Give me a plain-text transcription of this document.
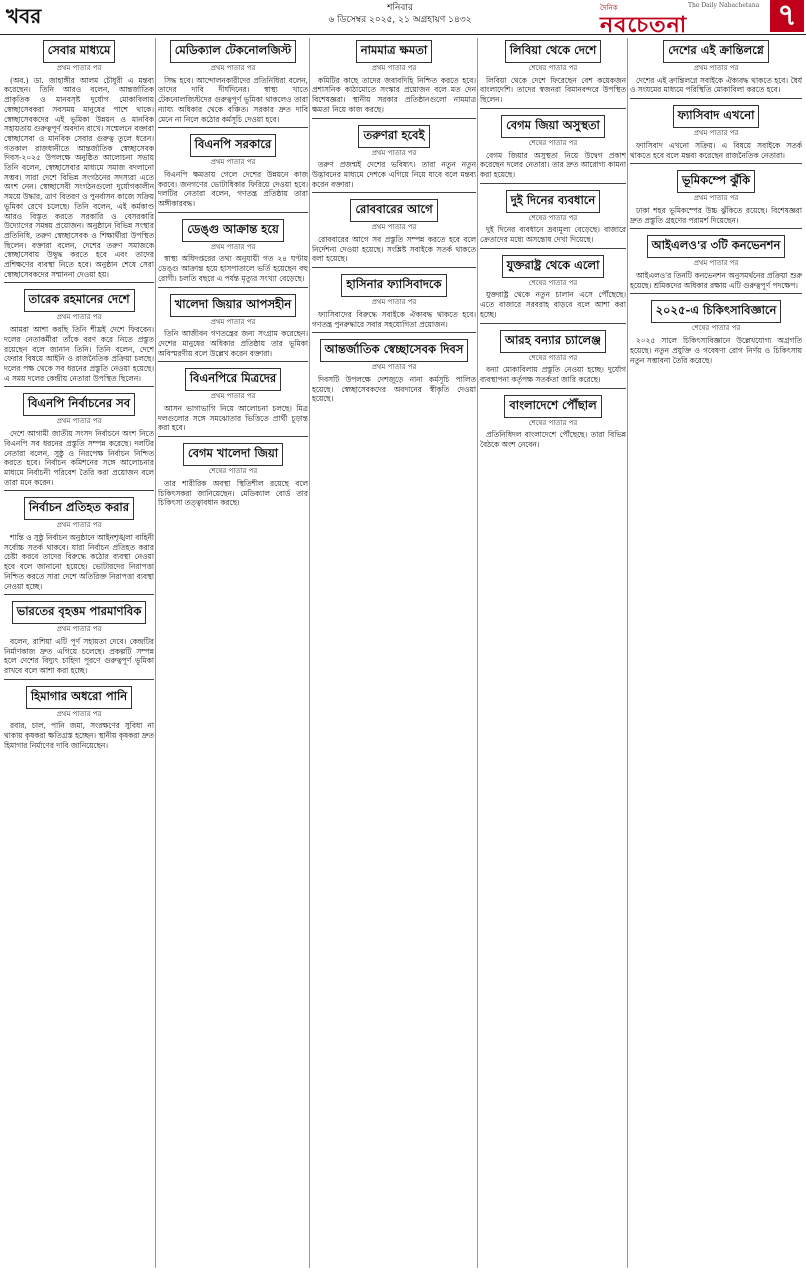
খবর	শনিবার
৬ ডিসেম্বর ২০২৫, ২১ অগ্রহায়ণ ১৪৩২
দৈনিক	The Daily Nabachetana
নবচেতনা	৭
সেবার মাধ্যমে
প্রথম পাতার পর
(অব.) ডা. জাহাঙ্গীর আলম চৌধুরী এ মন্তব্য করেছেন। তিনি আরও বলেন, আন্তর্জাতিক প্রাকৃতিক ও মানবসৃষ্ট দুর্যোগ মোকাবিলায় স্বেচ্ছাসেবকরা সবসময় মানুষের পাশে থাকে। স্বেচ্ছাসেবকদের এই ভূমিকা উন্নয়ন ও মানবিক সহায়তায় গুরুত্বপূর্ণ অবদান রাখে। সম্মেলনে বক্তারা স্বেচ্ছাসেবা ও মানবিক সেবার গুরুত্ব তুলে ধরেন। গতকাল রাজধানীতে আন্তর্জাতিক স্বেচ্ছাসেবক দিবস-২০২৫ উপলক্ষে অনুষ্ঠিত আলোচনা সভায় তিনি বলেন, স্বেচ্ছাসেবার মাধ্যমে সমাজ বদলানো সম্ভব। সারা দেশে বিভিন্ন সংগঠনের সদস্যরা এতে অংশ নেন। স্বেচ্ছাসেবী সংগঠনগুলো দুর্যোগকালীন সময়ে উদ্ধার, ত্রাণ বিতরণ ও পুনর্বাসন কাজে সক্রিয় ভূমিকা রেখে চলেছে। তিনি বলেন, এই কর্মকাণ্ড আরও বিস্তৃত করতে সরকারি ও বেসরকারি উদ্যোগের সমন্বয় প্রয়োজন। অনুষ্ঠানে বিভিন্ন সংস্থার প্রতিনিধি, তরুণ স্বেচ্ছাসেবক ও শিক্ষার্থীরা উপস্থিত ছিলেন। বক্তারা বলেন, দেশের তরুণ সমাজকে স্বেচ্ছাসেবায় উদ্বুদ্ধ করতে হবে এবং তাদের প্রশিক্ষণের ব্যবস্থা নিতে হবে। অনুষ্ঠান শেষে সেরা স্বেচ্ছাসেবকদের সম্মাননা দেওয়া হয়।
তারেক রহমানের দেশে
প্রথম পাতার পর
আমরা আশা করছি তিনি শীঘ্রই দেশে ফিরবেন। দলের নেতাকর্মীরা তাঁকে বরণ করে নিতে প্রস্তুত রয়েছেন বলে জানান তিনি। তিনি বলেন, দেশে ফেরার বিষয়ে আইনি ও রাজনৈতিক প্রক্রিয়া চলছে। দলের পক্ষ থেকে সব ধরনের প্রস্তুতি নেওয়া হয়েছে। এ সময় দলের কেন্দ্রীয় নেতারা উপস্থিত ছিলেন।
বিএনপি নির্বাচনের সব
প্রথম পাতার পর
দেশে আগামী জাতীয় সংসদ নির্বাচনে অংশ নিতে বিএনপি সব ধরনের প্রস্তুতি সম্পন্ন করেছে। দলটির নেতারা বলেন, সুষ্ঠু ও নিরপেক্ষ নির্বাচন নিশ্চিত করতে হবে। নির্বাচন কমিশনের সঙ্গে আলোচনার মাধ্যমে নির্বাচনী পরিবেশ তৈরি করা প্রয়োজন বলে তারা মনে করেন।
নির্বাচন প্রতিহত করার
প্রথম পাতার পর
শান্তি ও সুষ্ঠু নির্বাচন অনুষ্ঠানে আইনশৃঙ্খলা বাহিনী সর্বোচ্চ সতর্ক থাকবে। যারা নির্বাচন প্রতিহত করার চেষ্টা করবে তাদের বিরুদ্ধে কঠোর ব্যবস্থা নেওয়া হবে বলে জানানো হয়েছে। ভোটারদের নিরাপত্তা নিশ্চিত করতে সারা দেশে অতিরিক্ত নিরাপত্তা ব্যবস্থা নেওয়া হচ্ছে।
ভারতের বৃহত্তম পারমাণবিক
প্রথম পাতার পর
বলেন, রাশিয়া এটি পূর্ণ সহায়তা দেবে। কেন্দ্রটির নির্মাণকাজ দ্রুত এগিয়ে চলেছে। প্রকল্পটি সম্পন্ন হলে দেশের বিদ্যুৎ চাহিদা পূরণে গুরুত্বপূর্ণ ভূমিকা রাখবে বলে আশা করা হচ্ছে।
হিমাগার অধরো পানি
প্রথম পাতার পর
রবার, চাল, পানি জমা, সংরক্ষণের সুবিধা না থাকায় কৃষকরা ক্ষতিগ্রস্ত হচ্ছেন। স্থানীয় কৃষকরা দ্রুত হিমাগার নির্মাণের দাবি জানিয়েছেন।
মেডিক্যাল টেকনোলজিস্ট
প্রথম পাতার পর
সিদ্ধ হবে। আন্দোলনকারীদের প্রতিনিধিরা বলেন, তাদের দাবি দীর্ঘদিনের। স্বাস্থ্য খাতে টেকনোলজিস্টদের গুরুত্বপূর্ণ ভূমিকা থাকলেও তারা ন্যায্য অধিকার থেকে বঞ্চিত। সরকার দ্রুত দাবি মেনে না নিলে কঠোর কর্মসূচি দেওয়া হবে।
বিএনপি সরকারে
প্রথম পাতার পর
বিএনপি ক্ষমতায় গেলে দেশের উন্নয়নে কাজ করবে। জনগণের ভোটাধিকার ফিরিয়ে দেওয়া হবে। দলটির নেতারা বলেন, গণতন্ত্র প্রতিষ্ঠায় তারা অঙ্গীকারবদ্ধ।
ডেঙ্গু আক্রান্ত হয়ে
প্রথম পাতার পর
স্বাস্থ্য অধিদপ্তরের তথ্য অনুযায়ী গত ২৪ ঘণ্টায় ডেঙ্গু আক্রান্ত হয়ে হাসপাতালে ভর্তি হয়েছেন বহু রোগী। চলতি বছরে এ পর্যন্ত মৃত্যুর সংখ্যা বেড়েছে।
খালেদা জিয়ার আপসহীন
প্রথম পাতার পর
তিনি আজীবন গণতন্ত্রের জন্য সংগ্রাম করেছেন। দেশের মানুষের অধিকার প্রতিষ্ঠায় তার ভূমিকা অবিস্মরণীয় বলে উল্লেখ করেন বক্তারা।
বিএনপিরে মিত্রদের
প্রথম পাতার পর
আসন ভাগাভাগি নিয়ে আলোচনা চলছে। মিত্র দলগুলোর সঙ্গে সমঝোতার ভিত্তিতে প্রার্থী চূড়ান্ত করা হবে।
বেগম খালেদা জিয়া
শেষের পাতার পর
তার শারীরিক অবস্থা স্থিতিশীল রয়েছে বলে চিকিৎসকরা জানিয়েছেন। মেডিক্যাল বোর্ড তার চিকিৎসা তত্ত্বাবধান করছে।
নামমাত্র ক্ষমতা
প্রথম পাতার পর
কমিটির কাছে তাদের জবাবদিহি নিশ্চিত করতে হবে। প্রশাসনিক কাঠামোতে সংস্কার প্রয়োজন বলে মত দেন বিশেষজ্ঞরা। স্থানীয় সরকার প্রতিষ্ঠানগুলো নামমাত্র ক্ষমতা নিয়ে কাজ করছে।
তরুণরা হবেই
প্রথম পাতার পর
তরুণ প্রজন্মই দেশের ভবিষ্যৎ। তারা নতুন নতুন উদ্ভাবনের মাধ্যমে দেশকে এগিয়ে নিয়ে যাবে বলে মন্তব্য করেন বক্তারা।
রোববারের আগে
প্রথম পাতার পর
রোববারের আগে সব প্রস্তুতি সম্পন্ন করতে হবে বলে নির্দেশনা দেওয়া হয়েছে। সংশ্লিষ্ট সবাইকে সতর্ক থাকতে বলা হয়েছে।
হাসিনার ফ্যাসিবাদকে
প্রথম পাতার পর
ফ্যাসিবাদের বিরুদ্ধে সবাইকে ঐক্যবদ্ধ থাকতে হবে। গণতন্ত্র পুনরুদ্ধারে সবার সহযোগিতা প্রয়োজন।
আন্তর্জাতিক স্বেচ্ছাসেবক দিবস
প্রথম পাতার পর
দিবসটি উপলক্ষে দেশজুড়ে নানা কর্মসূচি পালিত হয়েছে। স্বেচ্ছাসেবকদের অবদানের স্বীকৃতি দেওয়া হয়েছে।
লিবিয়া থেকে দেশে
শেষের পাতার পর
লিবিয়া থেকে দেশে ফিরেছেন বেশ কয়েকজন বাংলাদেশি। তাদের স্বজনরা বিমানবন্দরে উপস্থিত ছিলেন।
বেগম জিয়া অসুস্থতা
শেষের পাতার পর
বেগম জিয়ার অসুস্থতা নিয়ে উদ্বেগ প্রকাশ করেছেন দলের নেতারা। তার দ্রুত আরোগ্য কামনা করা হয়েছে।
দুই দিনের ব্যবধানে
শেষের পাতার পর
দুই দিনের ব্যবধানে দ্রব্যমূল্য বেড়েছে। বাজারে ক্রেতাদের মধ্যে অসন্তোষ দেখা দিয়েছে।
যুক্তরাষ্ট্র থেকে এলো
শেষের পাতার পর
যুক্তরাষ্ট্র থেকে নতুন চালান এসে পৌঁছেছে। এতে বাজারে সরবরাহ বাড়বে বলে আশা করা হচ্ছে।
আরহ বন্যার চ্যালেঞ্জ
শেষের পাতার পর
বন্যা মোকাবিলায় প্রস্তুতি নেওয়া হচ্ছে। দুর্যোগ ব্যবস্থাপনা কর্তৃপক্ষ সতর্কতা জারি করেছে।
বাংলাদেশে পৌঁছাল
শেষের পাতার পর
প্রতিনিধিদল বাংলাদেশে পৌঁছেছে। তারা বিভিন্ন বৈঠকে অংশ নেবেন।
দেশের এই ক্রান্তিলগ্নে
প্রথম পাতার পর
দেশের এই ক্রান্তিলগ্নে সবাইকে ঐক্যবদ্ধ থাকতে হবে। ধৈর্য ও সংযমের মাধ্যমে পরিস্থিতি মোকাবিলা করতে হবে।
ফ্যাসিবাদ এখনো
প্রথম পাতার পর
ফ্যাসিবাদ এখনো সক্রিয়। এ বিষয়ে সবাইকে সতর্ক থাকতে হবে বলে মন্তব্য করেছেন রাজনৈতিক নেতারা।
ভূমিকম্পে ঝুঁকি
প্রথম পাতার পর
ঢাকা শহর ভূমিকম্পের উচ্চ ঝুঁকিতে রয়েছে। বিশেষজ্ঞরা দ্রুত প্রস্তুতি গ্রহণের পরামর্শ দিয়েছেন।
আইএলও'র ৩টি কনভেনশন
প্রথম পাতার পর
আইএলও'র তিনটি কনভেনশন অনুসমর্থনের প্রক্রিয়া শুরু হয়েছে। শ্রমিকদের অধিকার রক্ষায় এটি গুরুত্বপূর্ণ পদক্ষেপ।
২০২৫-এ চিকিৎসাবিজ্ঞানে
শেষের পাতার পর
২০২৫ সালে চিকিৎসাবিজ্ঞানে উল্লেখযোগ্য অগ্রগতি হয়েছে। নতুন প্রযুক্তি ও গবেষণা রোগ নির্ণয় ও চিকিৎসায় নতুন সম্ভাবনা তৈরি করেছে।
